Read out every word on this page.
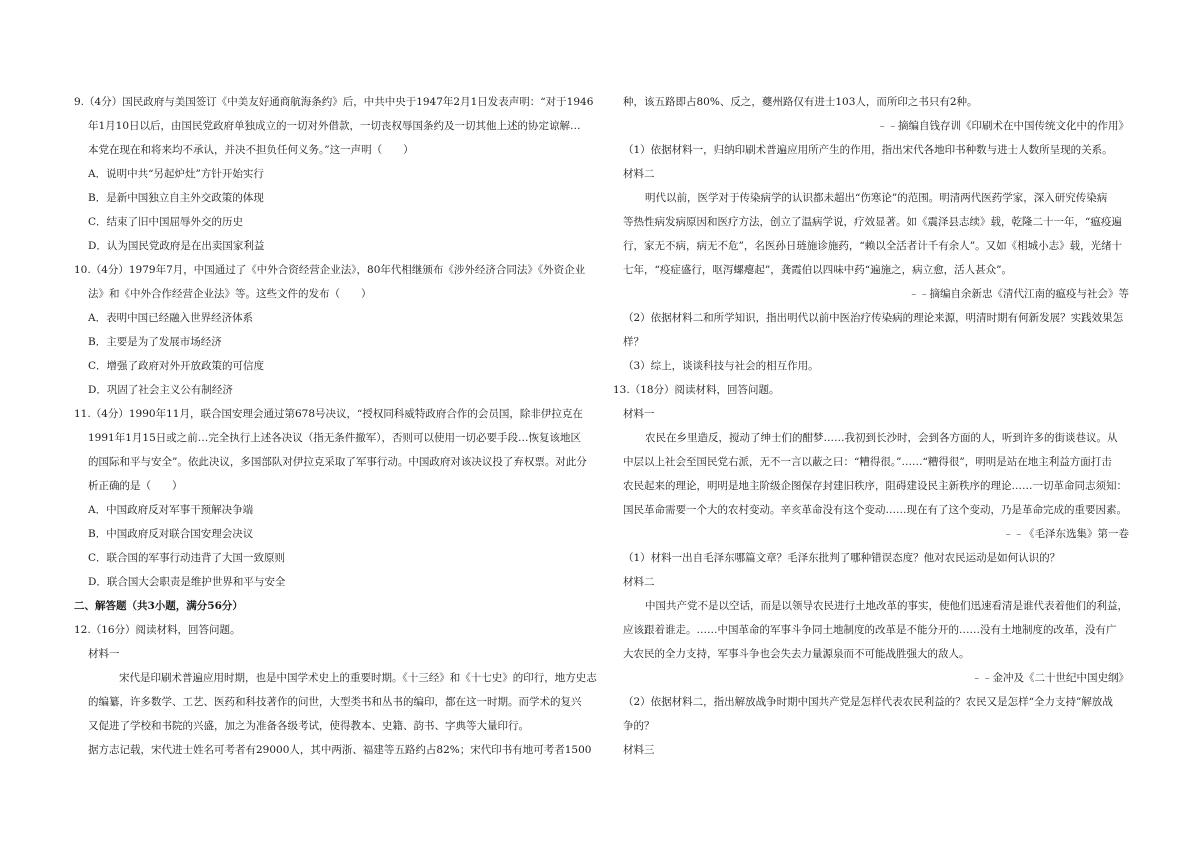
9.（4分）国民政府与美国签订《中美友好通商航海条约》后，中共中央于1947年2月1日发表声明：“对于1946
年1月10日以后，由国民党政府单独成立的一切对外借款，一切丧权辱国条约及一切其他上述的协定谅解…
本党在现在和将来均不承认，并决不担负任何义务。”这一声明（　　）
A．说明中共“另起炉灶”方针开始实行
B．是新中国独立自主外交政策的体现
C．结束了旧中国屈辱外交的历史
D．认为国民党政府是在出卖国家利益
10.（4分）1979年7月，中国通过了《中外合资经营企业法》，80年代相继颁布《涉外经济合同法》《外资企业
法》和《中外合作经营企业法》等。这些文件的发布（　　）
A．表明中国已经融入世界经济体系
B．主要是为了发展市场经济
C．增强了政府对外开放政策的可信度
D．巩固了社会主义公有制经济
11.（4分）1990年11月，联合国安理会通过第678号决议，“授权同科威特政府合作的会员国，除非伊拉克在
1991年1月15日或之前…完全执行上述各决议（指无条件撤军），否则可以使用一切必要手段…恢复该地区
的国际和平与安全”。依此决议，多国部队对伊拉克采取了军事行动。中国政府对该决议投了弃权票。对此分
析正确的是（　　）
A．中国政府反对军事干预解决争端
B．中国政府反对联合国安理会决议
C．联合国的军事行动违背了大国一致原则
D．联合国大会职责是维护世界和平与安全
二、解答题（共3小题，满分56分）
12.（16分）阅读材料，回答问题。
材料一
宋代是印刷术普遍应用时期，也是中国学术史上的重要时期。《十三经》和《十七史》的印行，地方史志
的编纂，许多数学、工艺、医药和科技著作的问世，大型类书和丛书的编印，都在这一时期。而学术的复兴
又促进了学校和书院的兴盛，加之为准备各级考试，使得教本、史籍、韵书、字典等大量印行。
据方志记载，宋代进士姓名可考者有29000人，其中两浙、福建等五路约占82%；宋代印书有地可考者1500
种，该五路即占80%、反之，夔州路仅有进士103人，而所印之书只有2种。
﹣﹣摘编自钱存训《印刷术在中国传统文化中的作用》
（1）依据材料一，归纳印刷术普遍应用所产生的作用，指出宋代各地印书种数与进士人数所呈现的关系。
材料二
明代以前，医学对于传染病学的认识都未超出“伤寒论”的范围。明清两代医药学家，深入研究传染病
等热性病发病原因和医疗方法，创立了温病学说，疗效显著。如《震泽县志续》载，乾隆二十一年，“瘟疫遍
行，家无不病，病无不危”，名医孙日琏施诊施药，“赖以全活者计千有余人”。又如《相城小志》载，光绪十
七年，“疫症盛行，呕泻螺瘪起”，龚霞伯以四味中药“遍施之，病立愈，活人甚众”。
﹣﹣摘编自余新忠《清代江南的瘟疫与社会》等
（2）依据材料二和所学知识，指出明代以前中医治疗传染病的理论来源，明清时期有何新发展？实践效果怎
样？
（3）综上，谈谈科技与社会的相互作用。
13.（18分）阅读材料，回答问题。
材料一
农民在乡里造反，搅动了绅士们的酣梦……我初到长沙时，会到各方面的人，听到许多的街谈巷议。从
中层以上社会至国民党右派，无不一言以蔽之曰：“糟得很。”……“糟得很”，明明是站在地主利益方面打击
农民起来的理论，明明是地主阶级企图保存封建旧秩序，阻碍建设民主新秩序的理论……一切革命同志须知：
国民革命需要一个大的农村变动。辛亥革命没有这个变动……现在有了这个变动，乃是革命完成的重要因素。
﹣﹣《毛泽东选集》第一卷
（1）材料一出自毛泽东哪篇文章？毛泽东批判了哪种错误态度？他对农民运动是如何认识的？
材料二
中国共产党不是以空话，而是以领导农民进行土地改革的事实，使他们迅速看清是谁代表着他们的利益，
应该跟着谁走。……中国革命的军事斗争同土地制度的改革是不能分开的……没有土地制度的改革，没有广
大农民的全力支持，军事斗争也会失去力量源泉而不可能战胜强大的敌人。
﹣﹣金冲及《二十世纪中国史纲》
（2）依据材料二，指出解放战争时期中国共产党是怎样代表农民利益的？农民又是怎样“全力支持”解放战
争的？
材料三
